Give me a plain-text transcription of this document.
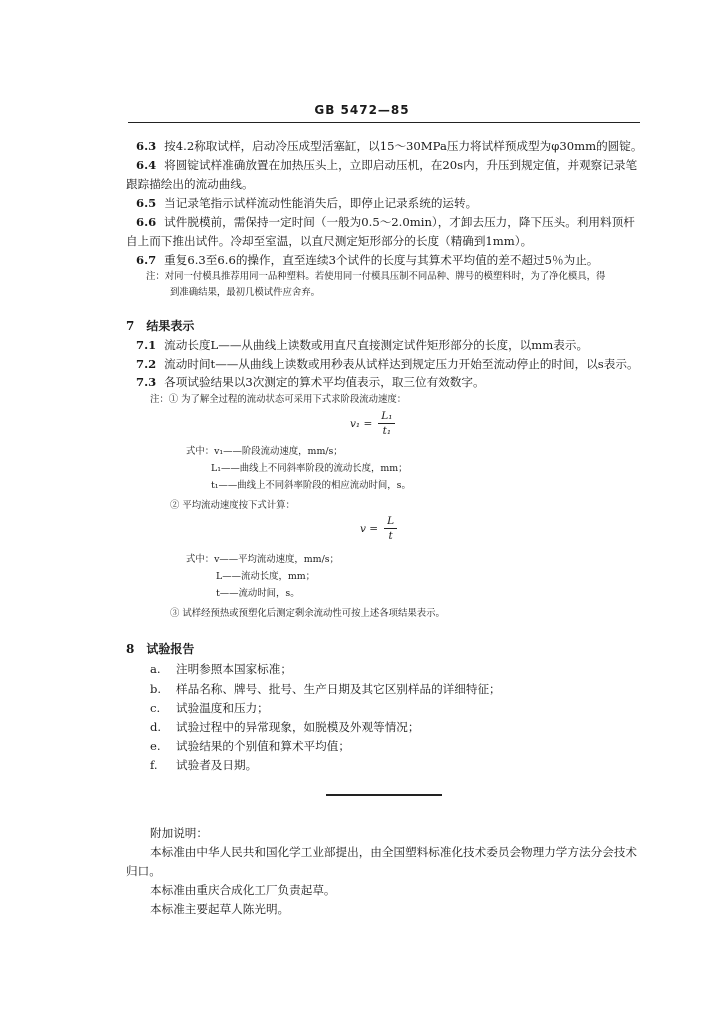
GB 5472—85
6.3 按4.2称取试样，启动冷压成型活塞缸，以15～30MPa压力将试样预成型为φ30mm的圆锭。
6.4 将圆锭试样准确放置在加热压头上，立即启动压机，在20s内，升压到规定值，并观察记录笔
跟踪描绘出的流动曲线。
6.5 当记录笔指示试样流动性能消失后，即停止记录系统的运转。
6.6 试件脱模前，需保持一定时间（一般为0.5～2.0min），才卸去压力，降下压头。利用料顶杆
自上而下推出试件。冷却至室温，以直尺测定矩形部分的长度（精确到1mm）。
6.7 重复6.3至6.6的操作，直至连续3个试件的长度与其算术平均值的差不超过5％为止。
注：对同一付模具推荐用同一品种塑料。若使用同一付模具压制不同品种、牌号的模塑料时，为了净化模具，得
到准确结果，最初几模试件应舍弃。
7　结果表示
7.1 流动长度L——从曲线上读数或用直尺直接测定试件矩形部分的长度，以mm表示。
7.2 流动时间t——从曲线上读数或用秒表从试样达到规定压力开始至流动停止的时间，以s表示。
7.3 各项试验结果以3次测定的算术平均值表示，取三位有效数字。
注：① 为了解全过程的流动状态可采用下式求阶段流动速度：
$v_1 = \frac{\text{L₁}}{\text{t₁}}$
式中：v₁——阶段流动速度，mm/s；
L₁——曲线上不同斜率阶段的流动长度，mm；
t₁——曲线上不同斜率阶段的相应流动时间，s。
② 平均流动速度按下式计算：
$v = \frac{L}{t}$
式中：v——平均流动速度，mm/s；
L——流动长度，mm；
t——流动时间，s。
③ 试样经预热或预塑化后测定剩余流动性可按上述各项结果表示。
8　试验报告
a. 注明参照本国家标准；
b. 样品名称、牌号、批号、生产日期及其它区别样品的详细特征；
c. 试验温度和压力；
d. 试验过程中的异常现象，如脱模及外观等情况；
e. 试验结果的个别值和算术平均值；
f. 试验者及日期。
附加说明：
本标准由中华人民共和国化学工业部提出，由全国塑料标准化技术委员会物理力学方法分会技术
归口。
本标准由重庆合成化工厂负责起草。
本标准主要起草人陈光明。
